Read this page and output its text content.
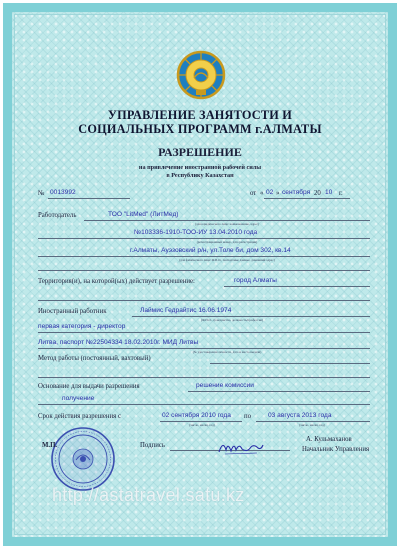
УПРАВЛЕНИЕ ЗАНЯТОСТИ И
СОЦИАЛЬНЫХ ПРОГРАММ г.АЛМАТЫ
РАЗРЕШЕНИЕ
на привлечение иностранной рабочей силы
в Республику Казахстан
№ 0013992	от « 02 » сентября 20 10 г.
Работодатель	ТОО "LitMed" (ЛитМед)
(для юридического лица: наименование, адрес)
№103336-1910-ТОО-ИУ 13.04.2010 года
(регистрационный номер, дата регистрации)
г.Алматы, Ауэзовский р/н, ул.Толе би, дом 302, кв.14
(для физического лица: Ф.И.О., паспортные данные, домашний адрес)
Территория(и), на которой(ых) действует разрешение:	город Алматы
Иностранный работник	Лаймис Гедрайтис 16.06.1974
(Ф.И.О., гражданство, должность/профессия)
первая категория - директор
Литва, паспорт №22504334 18.02.2010г. МИД Литвы
(№ удостоверения личности, дата и место выдачи)
Метод работы (постоянный, вахтовый)
Основание для выдачи разрешения	решение комиссии
получение
Срок действия разрешения с	02 сентября 2010 года по	03 августа 2013 года
(число, месяц, год)	(число, месяц, год)
М.П.	Подпись
А. Кульмаханов
Начальник Управления
http://astatravel.satu.kz
